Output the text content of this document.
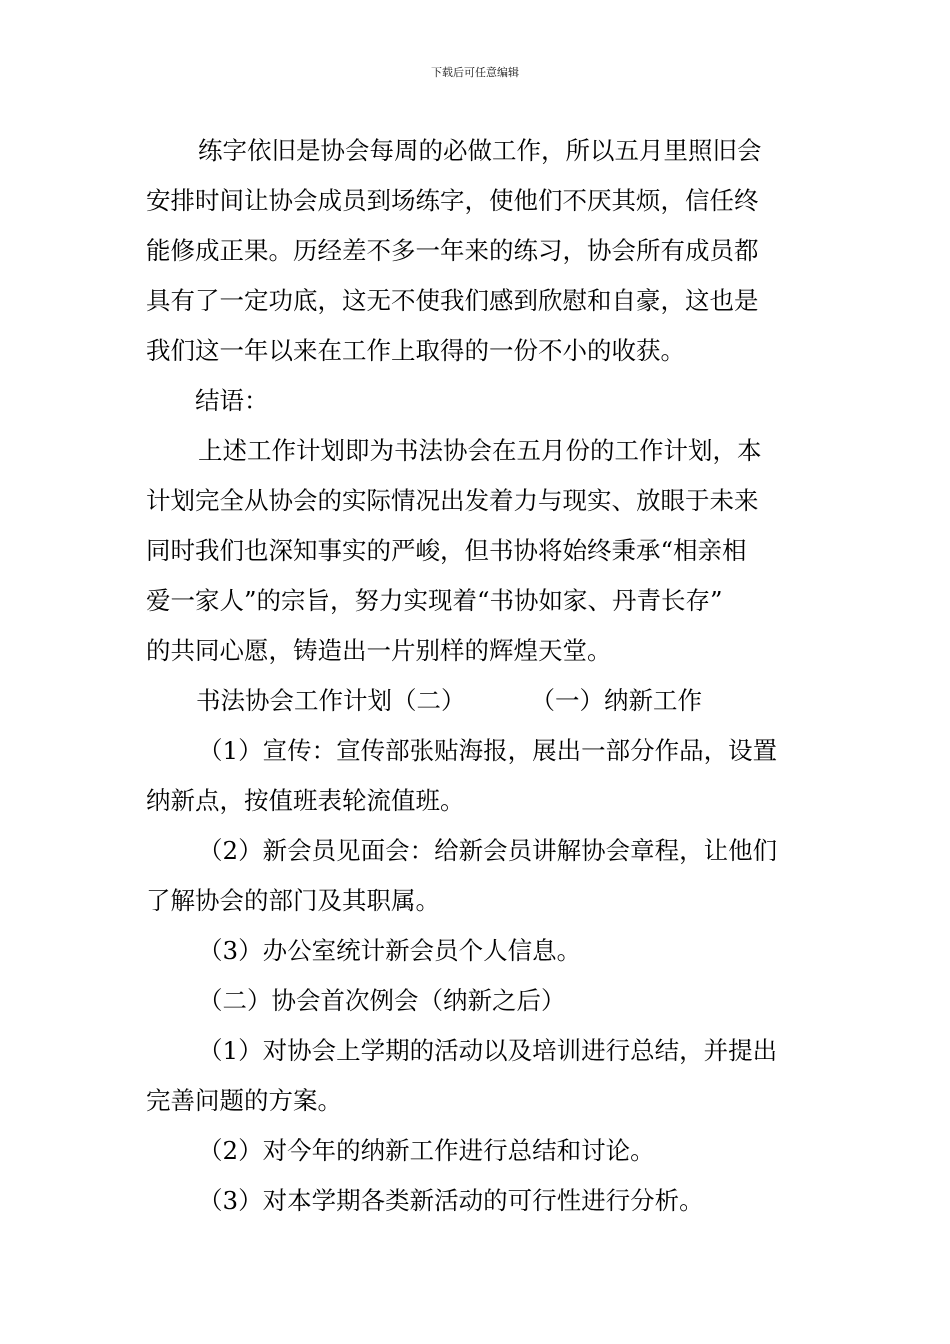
下载后可任意编辑

练字依旧是协会每周的必做工作，所以五月里照旧会

安排时间让协会成员到场练字，使他们不厌其烦，信任终

能修成正果。历经差不多一年来的练习，协会所有成员都

具有了一定功底，这无不使我们感到欣慰和自豪，这也是

我们这一年以来在工作上取得的一份不小的收获。

结语：

上述工作计划即为书法协会在五月份的工作计划，本

计划完全从协会的实际情况出发着力与现实、放眼于未来

同时我们也深知事实的严峻，但书协将始终秉承“相亲相

爱一家人”的宗旨，努力实现着“书协如家、丹青长存”

的共同心愿，铸造出一片别样的辉煌天堂。

书法协会工作计划（二）	（一）纳新工作

（1）宣传：宣传部张贴海报，展出一部分作品，设置

纳新点，按值班表轮流值班。

（2）新会员见面会：给新会员讲解协会章程，让他们

了解协会的部门及其职属。

（3）办公室统计新会员个人信息。

（二）协会首次例会（纳新之后）

（1）对协会上学期的活动以及培训进行总结，并提出

完善问题的方案。

（2）对今年的纳新工作进行总结和讨论。

（3）对本学期各类新活动的可行性进行分析。
